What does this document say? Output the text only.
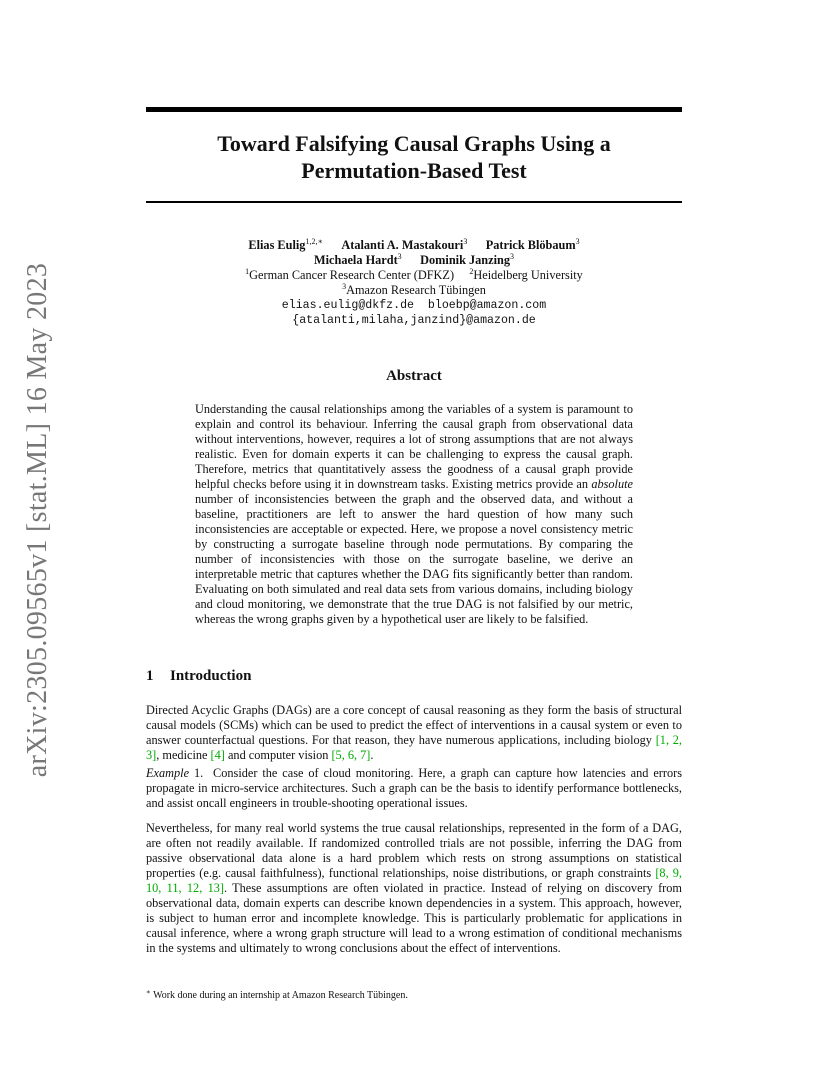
arXiv:2305.09565v1 [stat.ML] 16 May 2023
Toward Falsifying Causal Graphs Using a
Permutation-Based Test
Elias Eulig$^{1,2,∗}$ Atalanti A. Mastakouri$^3$ Patrick Blöbaum$^3$
Michaela Hardt$^3$ Dominik Janzing$^3$
$^1$German Cancer Research Center (DFKZ) $^2$Heidelberg University
$^3$Amazon Research Tübingen
elias.eulig@dkfz.de  bloebp@amazon.com
{atalanti,milaha,janzind}@amazon.de
Abstract
Understanding the causal relationships among the variables of a system is paramount to explain and control its behaviour. Inferring the causal graph from observational data without interventions, however, requires a lot of strong assumptions that are not always realistic. Even for domain experts it can be challenging to express the causal graph. Therefore, metrics that quantitatively assess the goodness of a causal graph provide helpful checks before using it in downstream tasks. Existing metrics provide an absolute number of inconsistencies between the graph and the observed data, and without a baseline, practitioners are left to answer the hard question of how many such inconsistencies are acceptable or expected. Here, we propose a novel consistency metric by constructing a surrogate baseline through node permutations. By comparing the number of inconsistencies with those on the surrogate baseline, we derive an interpretable metric that captures whether the DAG fits significantly better than random. Evaluating on both simulated and real data sets from various domains, including biology and cloud monitoring, we demonstrate that the true DAG is not falsified by our metric, whereas the wrong graphs given by a hypothetical user are likely to be falsified.
1 Introduction

Directed Acyclic Graphs (DAGs) are a core concept of causal reasoning as they form the basis of structural causal models (SCMs) which can be used to predict the effect of interventions in a causal system or even to answer counterfactual questions. For that reason, they have numerous applications, including biology [1, 2, 3], medicine [4] and computer vision [5, 6, 7].

Example 1. Consider the case of cloud monitoring. Here, a graph can capture how latencies and errors propagate in micro-service architectures. Such a graph can be the basis to identify performance bottlenecks, and assist oncall engineers in trouble-shooting operational issues.

Nevertheless, for many real world systems the true causal relationships, represented in the form of a DAG, are often not readily available. If randomized controlled trials are not possible, inferring the DAG from passive observational data alone is a hard problem which rests on strong assumptions on statistical properties (e.g. causal faithfulness), functional relationships, noise distributions, or graph constraints [8, 9, 10, 11, 12, 13]. These assumptions are often violated in practice. Instead of relying on discovery from observational data, domain experts can describe known dependencies in a system. This approach, however, is subject to human error and incomplete knowledge. This is particularly problematic for applications in causal inference, where a wrong graph structure will lead to a wrong estimation of conditional mechanisms in the systems and ultimately to wrong conclusions about the effect of interventions.

∗ Work done during an internship at Amazon Research Tübingen.
